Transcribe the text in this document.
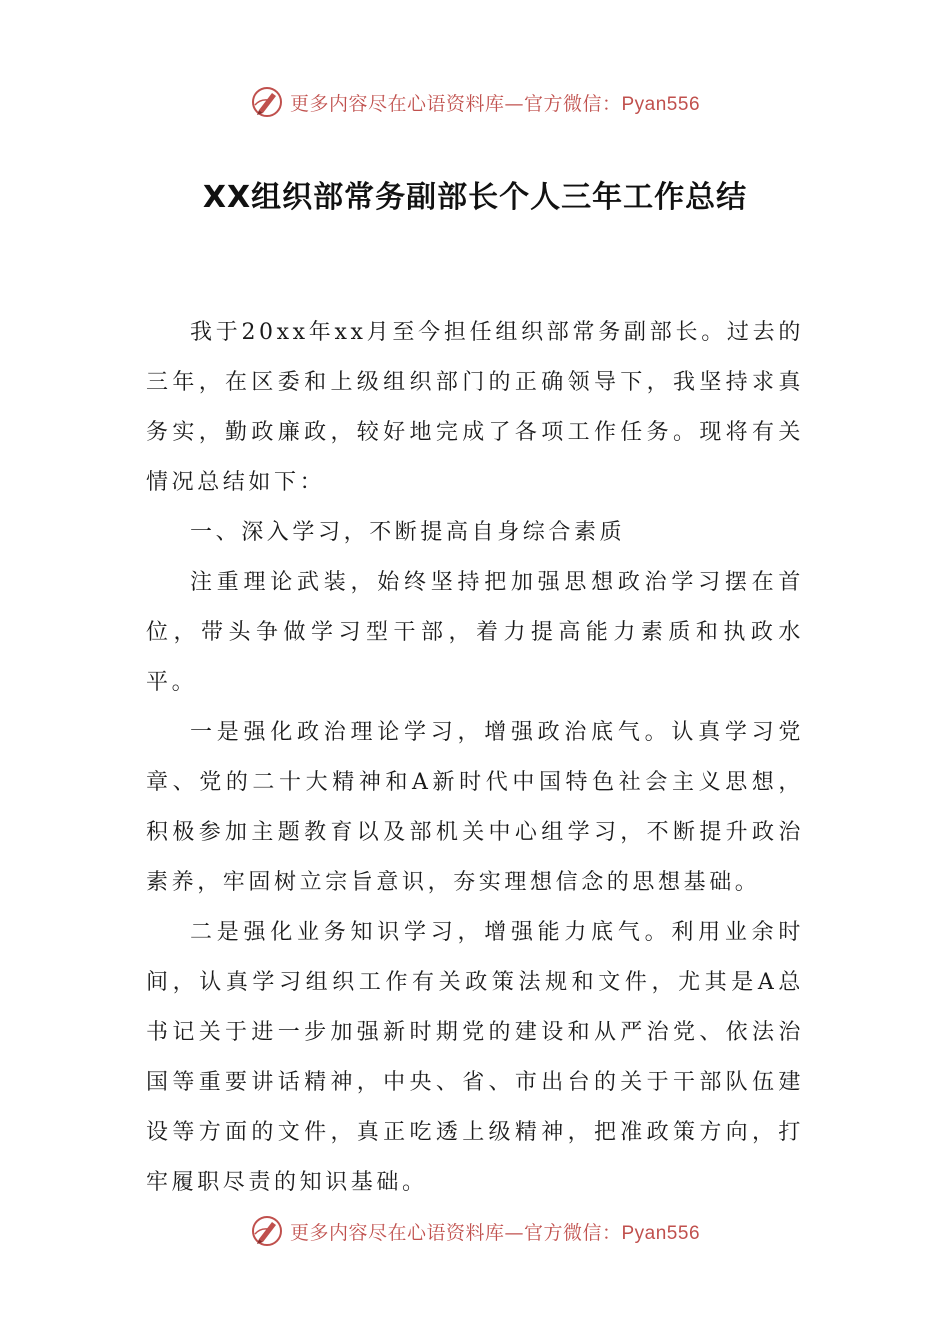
更多内容尽在心语资料库—官方微信：Pyan556
XX组织部常务副部长个人三年工作总结

我于20xx年xx月至今担任组织部常务副部长。过去的三年，在区委和上级组织部门的正确领导下，我坚持求真务实，勤政廉政，较好地完成了各项工作任务。现将有关情况总结如下：

一、深入学习，不断提高自身综合素质

注重理论武装，始终坚持把加强思想政治学习摆在首位，带头争做学习型干部，着力提高能力素质和执政水平。

一是强化政治理论学习，增强政治底气。认真学习党章、党的二十大精神和A新时代中国特色社会主义思想，积极参加主题教育以及部机关中心组学习，不断提升政治素养，牢固树立宗旨意识，夯实理想信念的思想基础。

二是强化业务知识学习，增强能力底气。利用业余时间，认真学习组织工作有关政策法规和文件，尤其是A总书记关于进一步加强新时期党的建设和从严治党、依法治国等重要讲话精神，中央、省、市出台的关于干部队伍建设等方面的文件，真正吃透上级精神，把准政策方向，打牢履职尽责的知识基础。

更多内容尽在心语资料库—官方微信：Pyan556
